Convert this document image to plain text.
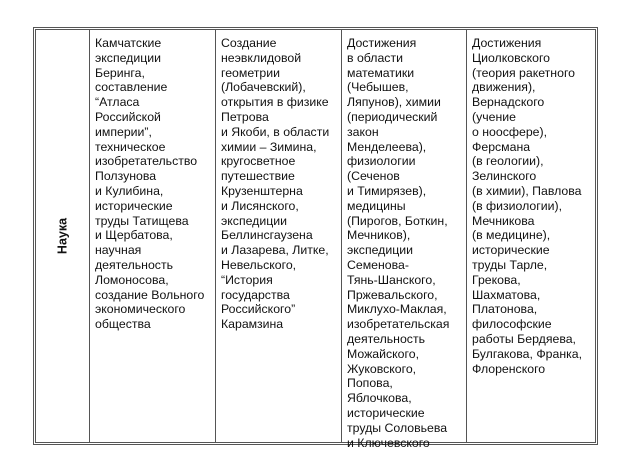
Наука

Камчатские
экспедиции
Беринга,
составление
“Атласа
Российской
империи”,
техническое
изобретательство
Ползунова
и Кулибина,
исторические
труды Татищева
и Щербатова,
научная
деятельность
Ломоносова,
создание Вольного
экономического
общества
Создание
неэвклидовой
геометрии
(Лобачевский),
открытия в физике
Петрова
и Якоби, в области
химии – Зимина,
кругосветное
путешествие
Крузенштерна
и Лисянского,
экспедиции
Беллинсгаузена
и Лазарева, Литке,
Невельского,
“История
государства
Российского”
Карамзина
Достижения
в области
математики
(Чебышев,
Ляпунов), химии
(периодический
закон
Менделеева),
физиологии
(Сеченов
и Тимирязев),
медицины
(Пирогов, Боткин,
Мечников),
экспедиции
Семенова-
Тянь-Шанского,
Пржевальского,
Миклухо-Маклая,
изобретательская
деятельность
Можайского,
Жуковского,
Попова,
Яблочкова,
исторические
труды Соловьева
и Ключевского
Достижения
Циолковского
(теория ракетного
движения),
Вернадского
(учение
о ноосфере),
Ферсмана
(в геологии),
Зелинского
(в химии), Павлова
(в физиологии),
Мечникова
(в медицине),
исторические
труды Тарле,
Грекова,
Шахматова,
Платонова,
философские
работы Бердяева,
Булгакова, Франка,
Флоренского
